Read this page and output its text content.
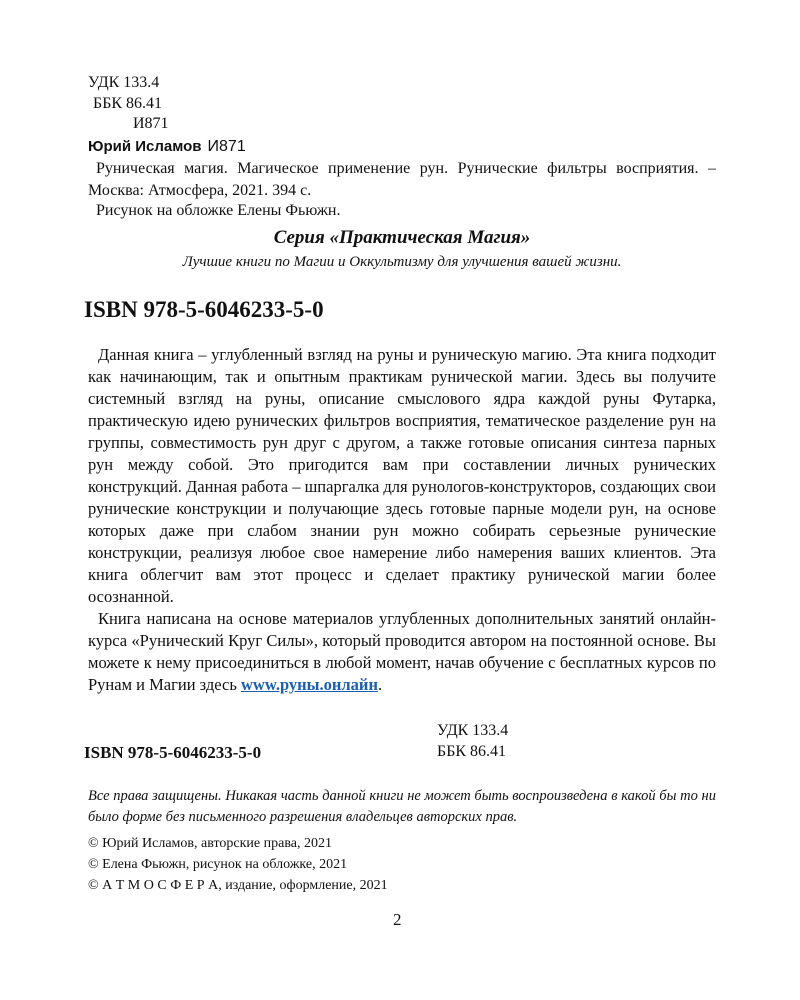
УДК 133.4
ББК 86.41
И871
Юрий Исламов И871
Руническая магия. Магическое применение рун. Рунические фильтры восприятия. – Москва: Атмосфера, 2021. 394 с.
Рисунок на обложке Елены Фьюжн.
Серия «Практическая Магия»
Лучшие книги по Магии и Оккультизму для улучшения вашей жизни.
ISBN 978-5-6046233-5-0

Данная книга – углубленный взгляд на руны и руническую магию. Эта книга подходит как начинающим, так и опытным практикам рунической магии. Здесь вы получите системный взгляд на руны, описание смыслового ядра каждой руны Футарка, практическую идею рунических фильтров восприятия, тематическое разделение рун на группы, совместимость рун друг с другом, а также готовые описания синтеза парных рун между собой. Это пригодится вам при составлении личных рунических конструкций. Данная работа – шпаргалка для рунологов-конструкторов, создающих свои рунические конструкции и получающие здесь готовые парные модели рун, на основе которых даже при слабом знании рун можно собирать серьезные рунические конструкции, реализуя любое свое намерение либо намерения ваших клиентов. Эта книга облегчит вам этот процесс и сделает практику рунической магии более осознанной.

Книга написана на основе материалов углубленных дополнительных занятий онлайн-курса «Рунический Круг Силы», который проводится автором на постоянной основе. Вы можете к нему присоединиться в любой момент, начав обучение с бесплатных курсов по Рунам и Магии здесь www.руны.онлайн.

УДК 133.4
ББК 86.41
ISBN 978-5-6046233-5-0
Все права защищены. Никакая часть данной книги не может быть воспроизведена в какой бы то ни было форме без письменного разрешения владельцев авторских прав.
© Юрий Исламов, авторские права, 2021
© Елена Фьюжн, рисунок на обложке, 2021
© А Т М О С Ф Е Р А, издание, оформление, 2021
2
